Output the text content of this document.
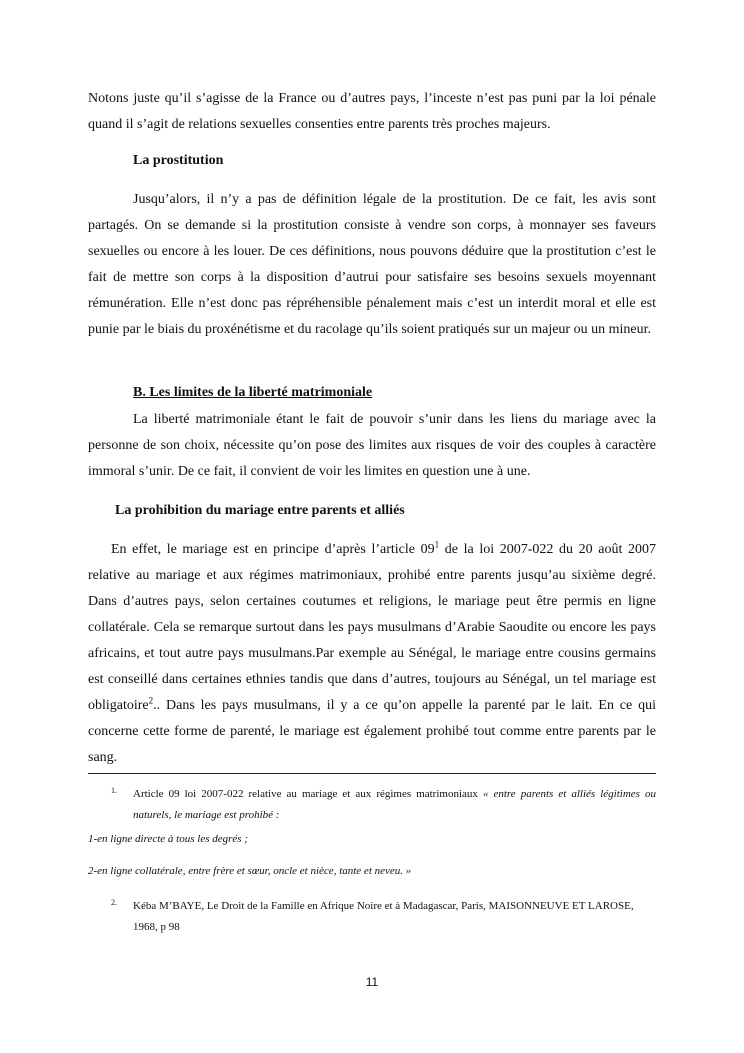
Notons juste qu’il s’agisse de la France ou d’autres pays, l’inceste n’est pas puni par la loi pénale quand il s’agit de relations sexuelles consenties entre parents très proches majeurs.

La prostitution

Jusqu’alors, il n’y a pas de définition légale de la prostitution. De ce fait, les avis sont partagés. On se demande si la prostitution consiste à vendre son corps, à monnayer ses faveurs sexuelles ou encore à les louer. De ces définitions, nous pouvons déduire que la prostitution c’est le fait de mettre son corps à la disposition d’autrui pour satisfaire ses besoins sexuels moyennant rémunération. Elle n’est donc pas répréhensible pénalement mais c’est un interdit moral et elle est punie par le biais du proxénétisme et du racolage qu’ils soient pratiqués sur un majeur ou un mineur.

B. Les limites de la liberté matrimoniale

La liberté matrimoniale étant le fait de pouvoir s’unir dans les liens du mariage avec la personne de son choix, nécessite qu’on pose des limites aux risques de voir des couples à caractère immoral s’unir. De ce fait, il convient de voir les limites en question une à une.

La prohibition du mariage entre parents et alliés

En effet, le mariage est en principe d’après l’article $09^1$ de la loi 2007-022 du 20 août 2007 relative au mariage et aux régimes matrimoniaux, prohibé entre parents jusqu’au sixième degré. Dans d’autres pays, selon certaines coutumes et religions, le mariage peut être permis en ligne collatérale. Cela se remarque surtout dans les pays musulmans d’Arabie Saoudite ou encore les pays africains, et tout autre pays musulmans.Par exemple au Sénégal, le mariage entre cousins germains est conseillé dans certaines ethnies tandis que dans d’autres, toujours au Sénégal, un tel mariage est obligatoire$^2$.. Dans les pays musulmans, il y a ce qu’on appelle la parenté par le lait. En ce qui concerne cette forme de parenté, le mariage est également prohibé tout comme entre parents par le sang.

1. Article 09 loi 2007-022 relative au mariage et aux régimes matrimoniaux « entre parents et alliés légitimes ou naturels, le mariage est prohibé :

1-en ligne directe à tous les degrés ;

2-en ligne collatérale, entre frère et sœur, oncle et nièce, tante et neveu. »

2. Kéba M’BAYE, Le Droit de la Famille en Afrique Noire et à Madagascar, Paris, MAISONNEUVE ET LAROSE, 1968, p 98

11
